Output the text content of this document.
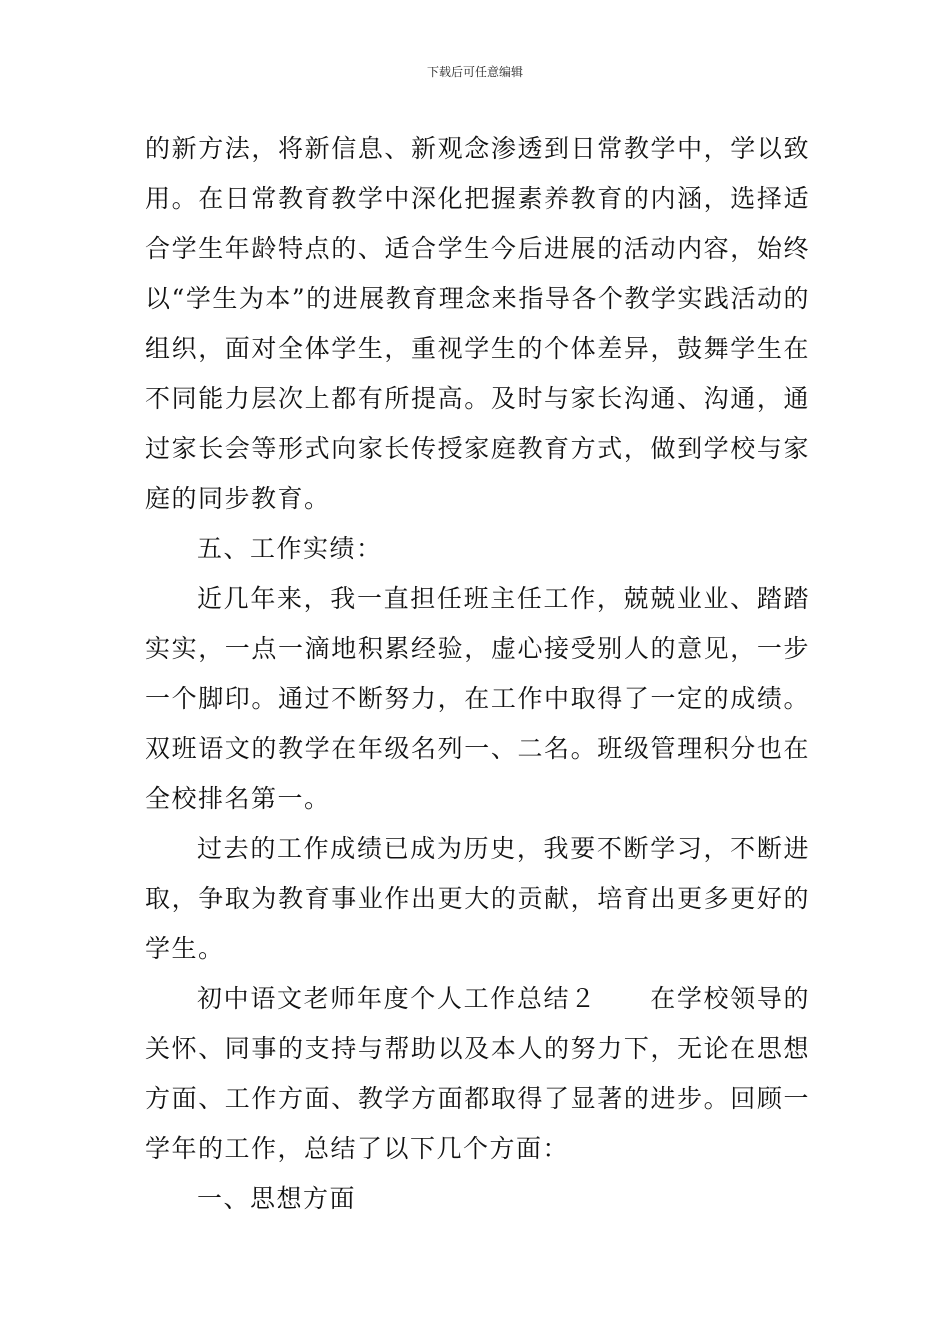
下载后可任意编辑

的新方法，将新信息、新观念渗透到日常教学中，学以致用。在日常教育教学中深化把握素养教育的内涵，选择适合学生年龄特点的、适合学生今后进展的活动内容，始终以“学生为本”的进展教育理念来指导各个教学实践活动的组织，面对全体学生，重视学生的个体差异，鼓舞学生在不同能力层次上都有所提高。及时与家长沟通、沟通，通过家长会等形式向家长传授家庭教育方式，做到学校与家庭的同步教育。

五、工作实绩：

近几年来，我一直担任班主任工作，兢兢业业、踏踏实实，一点一滴地积累经验，虚心接受别人的意见，一步一个脚印。通过不断努力，在工作中取得了一定的成绩。双班语文的教学在年级名列一、二名。班级管理积分也在全校排名第一。

过去的工作成绩已成为历史，我要不断学习，不断进取，争取为教育事业作出更大的贡献，培育出更多更好的学生。

初中语文老师年度个人工作总结２　　在学校领导的关怀、同事的支持与帮助以及本人的努力下，无论在思想方面、工作方面、教学方面都取得了显著的进步。回顾一学年的工作，总结了以下几个方面：

一、思想方面
